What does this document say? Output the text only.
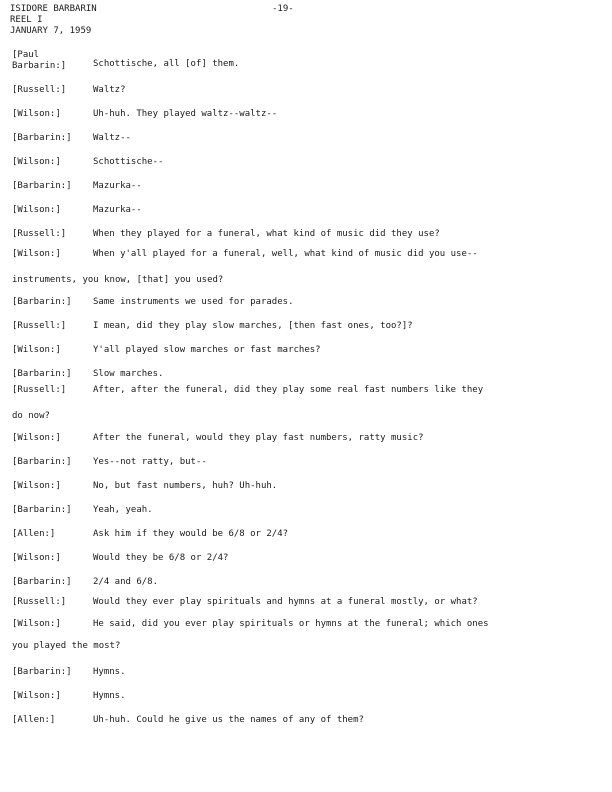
ISIDORE BARBARIN
REEL I
JANUARY 7, 1959
-19-
[Paul
Barbarin:]	Schottische, all [of] them.
[Russell:]	Waltz?
[Wilson:]	Uh-huh. They played waltz--waltz--
[Barbarin:] Waltz--
[Wilson:]	Schottische--
[Barbarin:] Mazurka--
[Wilson:]	Mazurka--
[Russell:]	When they played for a funeral, what kind of music did they use?
[Wilson:]	When y'all played for a funeral, well, what kind of music did you use--
instruments, you know, [that] you used?
[Barbarin:] Same instruments we used for parades.
[Russell:]	I mean, did they play slow marches, [then fast ones, too?]?
[Wilson:]	Y'all played slow marches or fast marches?
[Barbarin:] Slow marches.
[Russell:]	After, after the funeral, did they play some real fast numbers like they
do now?
[Wilson:]	After the funeral, would they play fast numbers, ratty music?
[Barbarin:] Yes--not ratty, but--
[Wilson:]	No, but fast numbers, huh? Uh-huh.
[Barbarin:] Yeah, yeah.
[Allen:]	Ask him if they would be 6/8 or 2/4?
[Wilson:]	Would they be 6/8 or 2/4?
[Barbarin:] 2/4 and 6/8.
[Russell:]	Would they ever play spirituals and hymns at a funeral mostly, or what?
[Wilson:]	He said, did you ever play spirituals or hymns at the funeral; which ones
you played the most?
[Barbarin:] Hymns.
[Wilson:]	Hymns.
[Allen:]	Uh-huh. Could he give us the names of any of them?
